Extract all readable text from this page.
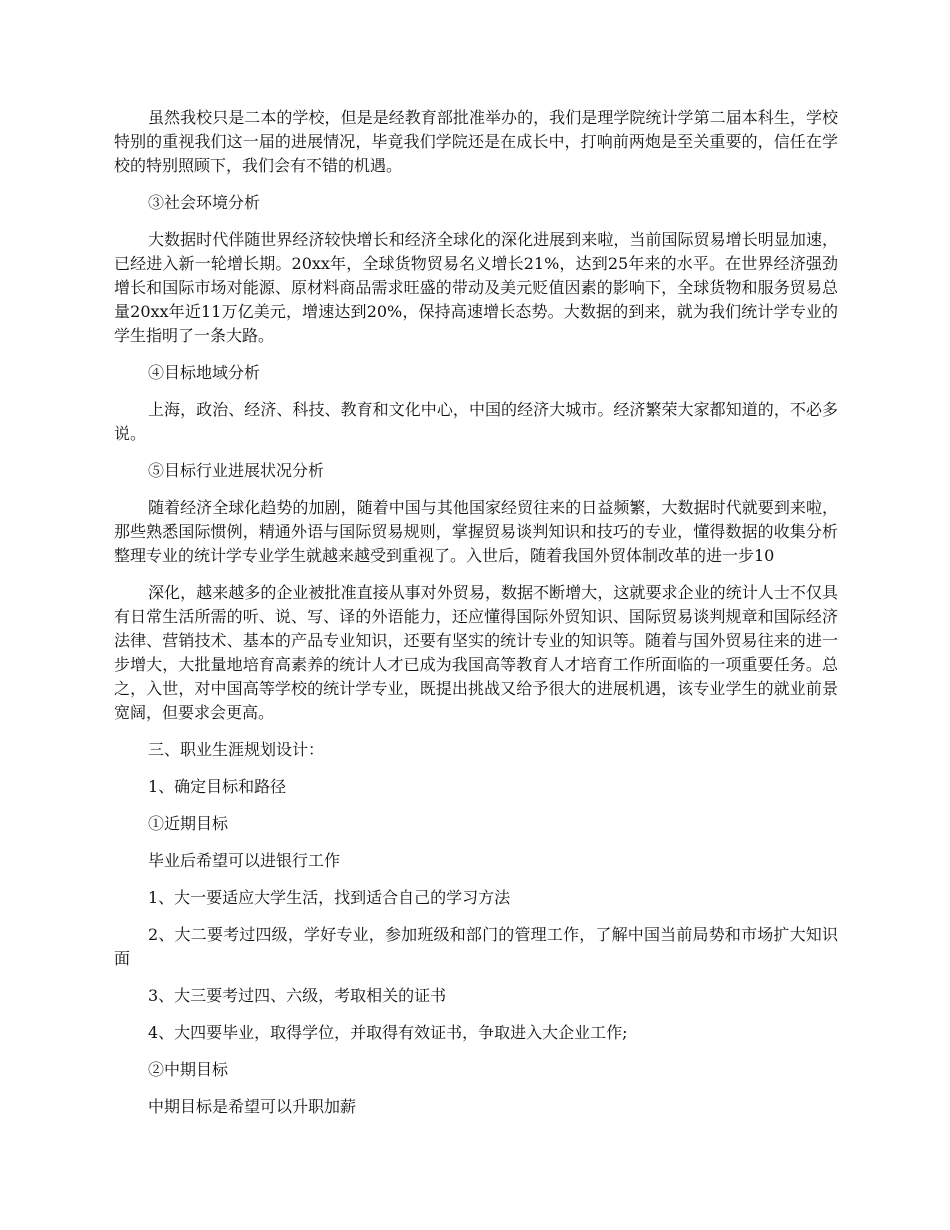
虽然我校只是二本的学校，但是是经教育部批准举办的，我们是理学院统计学第二届本科生，学校特别的重视我们这一届的进展情况，毕竟我们学院还是在成长中，打响前两炮是至关重要的，信任在学校的特别照顾下，我们会有不错的机遇。

③社会环境分析

大数据时代伴随世界经济较快增长和经济全球化的深化进展到来啦，当前国际贸易增长明显加速，已经进入新一轮增长期。20xx年，全球货物贸易名义增长21%，达到25年来的水平。在世界经济强劲增长和国际市场对能源、原材料商品需求旺盛的带动及美元贬值因素的影响下，全球货物和服务贸易总量20xx年近11万亿美元，增速达到20%，保持高速增长态势。大数据的到来，就为我们统计学专业的学生指明了一条大路。

④目标地域分析

上海，政治、经济、科技、教育和文化中心，中国的经济大城市。经济繁荣大家都知道的，不必多说。

⑤目标行业进展状况分析

随着经济全球化趋势的加剧，随着中国与其他国家经贸往来的日益频繁，大数据时代就要到来啦，那些熟悉国际惯例，精通外语与国际贸易规则，掌握贸易谈判知识和技巧的专业，懂得数据的收集分析整理专业的统计学专业学生就越来越受到重视了。入世后，随着我国外贸体制改革的进一步10

深化，越来越多的企业被批准直接从事对外贸易，数据不断增大，这就要求企业的统计人士不仅具有日常生活所需的听、说、写、译的外语能力，还应懂得国际外贸知识、国际贸易谈判规章和国际经济法律、营销技术、基本的产品专业知识，还要有坚实的统计专业的知识等。随着与国外贸易往来的进一步增大，大批量地培育高素养的统计人才已成为我国高等教育人才培育工作所面临的一项重要任务。总之，入世，对中国高等学校的统计学专业，既提出挑战又给予很大的进展机遇，该专业学生的就业前景宽阔，但要求会更高。

三、职业生涯规划设计：

1、确定目标和路径

①近期目标

毕业后希望可以进银行工作

1、大一要适应大学生活，找到适合自己的学习方法

2、大二要考过四级，学好专业，参加班级和部门的管理工作，了解中国当前局势和市场扩大知识面

3、大三要考过四、六级，考取相关的证书

4、大四要毕业，取得学位，并取得有效证书，争取进入大企业工作;

②中期目标

中期目标是希望可以升职加薪
